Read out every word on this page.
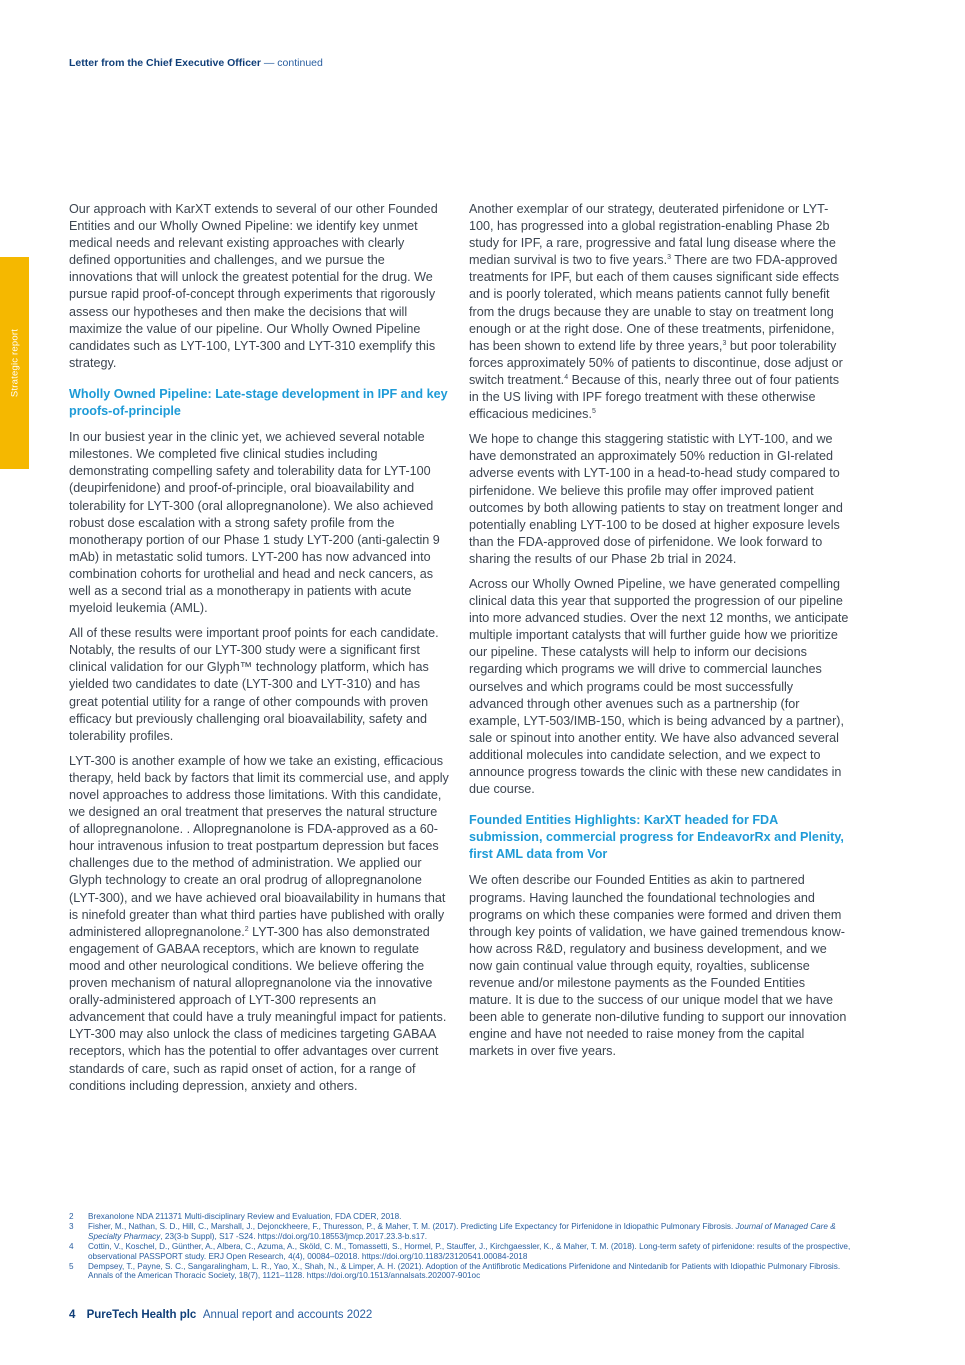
Letter from the Chief Executive Officer — continued
Strategic report

Our approach with KarXT extends to several of our other Founded Entities and our Wholly Owned Pipeline: we identify key unmet medical needs and relevant existing approaches with clearly defined opportunities and challenges, and we pursue the innovations that will unlock the greatest potential for the drug. We pursue rapid proof-of-concept through experiments that rigorously assess our hypotheses and then make the decisions that will maximize the value of our pipeline. Our Wholly Owned Pipeline candidates such as LYT-100, LYT-300 and LYT-310 exemplify this strategy.

Wholly Owned Pipeline: Late-stage development in IPF and key proofs-of-principle

In our busiest year in the clinic yet, we achieved several notable milestones. We completed five clinical studies including demonstrating compelling safety and tolerability data for LYT-100 (deupirfenidone) and proof-of-principle, oral bioavailability and tolerability for LYT-300 (oral allopregnanolone). We also achieved robust dose escalation with a strong safety profile from the monotherapy portion of our Phase 1 study LYT-200 (anti-galectin 9 mAb) in metastatic solid tumors. LYT-200 has now advanced into combination cohorts for urothelial and head and neck cancers, as well as a second trial as a monotherapy in patients with acute myeloid leukemia (AML).

All of these results were important proof points for each candidate. Notably, the results of our LYT-300 study were a significant first clinical validation for our Glyph™ technology platform, which has yielded two candidates to date (LYT-300 and LYT-310) and has great potential utility for a range of other compounds with proven efficacy but previously challenging oral bioavailability, safety and tolerability profiles.

LYT-300 is another example of how we take an existing, efficacious therapy, held back by factors that limit its commercial use, and apply novel approaches to address those limitations. With this candidate, we designed an oral treatment that preserves the natural structure of allopregnanolone. . Allopregnanolone is FDA-approved as a 60-hour intravenous infusion to treat postpartum depression but faces challenges due to the method of administration. We applied our Glyph technology to create an oral prodrug of allopregnanolone (LYT-300), and we have achieved oral bioavailability in humans that is ninefold greater than what third parties have published with orally administered allopregnanolone.$^2$ LYT-300 has also demonstrated engagement of GABAA receptors, which are known to regulate mood and other neurological conditions. We believe offering the proven mechanism of natural allopregnanolone via the innovative orally-administered approach of LYT-300 represents an advancement that could have a truly meaningful impact for patients. LYT-300 may also unlock the class of medicines targeting GABAA receptors, which has the potential to offer advantages over current standards of care, such as rapid onset of action, for a range of conditions including depression, anxiety and others.

Another exemplar of our strategy, deuterated pirfenidone or LYT-100, has progressed into a global registration-enabling Phase 2b study for IPF, a rare, progressive and fatal lung disease where the median survival is two to five years.$^3$ There are two FDA-approved treatments for IPF, but each of them causes significant side effects and is poorly tolerated, which means patients cannot fully benefit from the drugs because they are unable to stay on treatment long enough or at the right dose. One of these treatments, pirfenidone, has been shown to extend life by three years,$^3$ but poor tolerability forces approximately 50% of patients to discontinue, dose adjust or switch treatment.$^4$ Because of this, nearly three out of four patients in the US living with IPF forego treatment with these otherwise efficacious medicines.$^5$

We hope to change this staggering statistic with LYT-100, and we have demonstrated an approximately 50% reduction in GI-related adverse events with LYT-100 in a head-to-head study compared to pirfenidone. We believe this profile may offer improved patient outcomes by both allowing patients to stay on treatment longer and potentially enabling LYT-100 to be dosed at higher exposure levels than the FDA-approved dose of pirfenidone. We look forward to sharing the results of our Phase 2b trial in 2024.

Across our Wholly Owned Pipeline, we have generated compelling clinical data this year that supported the progression of our pipeline into more advanced studies. Over the next 12 months, we anticipate multiple important catalysts that will further guide how we prioritize our pipeline. These catalysts will help to inform our decisions regarding which programs we will drive to commercial launches ourselves and which programs could be most successfully advanced through other avenues such as a partnership (for example, LYT-503/IMB-150, which is being advanced by a partner), sale or spinout into another entity. We have also advanced several additional molecules into candidate selection, and we expect to announce progress towards the clinic with these new candidates in due course.

Founded Entities Highlights: KarXT headed for FDA submission, commercial progress for EndeavorRx and Plenity, first AML data from Vor

We often describe our Founded Entities as akin to partnered programs. Having launched the foundational technologies and programs on which these companies were formed and driven them through key points of validation, we have gained tremendous know-how across R&D, regulatory and business development, and we now gain continual value through equity, royalties, sublicense revenue and/or milestone payments as the Founded Entities mature. It is due to the success of our unique model that we have been able to generate non-dilutive funding to support our innovation engine and have not needed to raise money from the capital markets in over five years.

2	Brexanolone NDA 211371 Multi-disciplinary Review and Evaluation, FDA CDER, 2018.
3	Fisher, M., Nathan, S. D., Hill, C., Marshall, J., Dejonckheere, F., Thuresson, P., & Maher, T. M. (2017). Predicting Life Expectancy for Pirfenidone in Idiopathic Pulmonary Fibrosis. Journal of Managed Care & Specialty Pharmacy, 23(3-b Suppl), S17 -S24. https://doi.org/10.18553/jmcp.2017.23.3-b.s17.
4	Cottin, V., Koschel, D., Günther, A., Albera, C., Azuma, A., Sköld, C. M., Tomassetti, S., Hormel, P., Stauffer, J., Kirchgaessler, K., & Maher, T. M. (2018). Long-term safety of pirfenidone: results of the prospective, observational PASSPORT study. ERJ Open Research, 4(4), 00084–02018. https://doi.org/10.1183/23120541.00084-2018
5	Dempsey, T., Payne, S. C., Sangaralingham, L. R., Yao, X., Shah, N., & Limper, A. H. (2021). Adoption of the Antifibrotic Medications Pirfenidone and Nintedanib for Patients with Idiopathic Pulmonary Fibrosis. Annals of the American Thoracic Society, 18(7), 1121–1128. https://doi.org/10.1513/annalsats.202007-901oc
4 PureTech Health plc Annual report and accounts 2022
